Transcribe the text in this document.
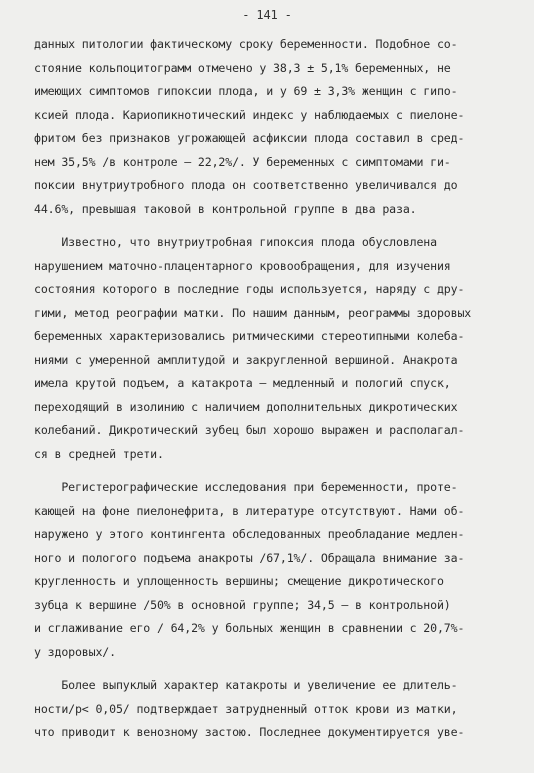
- 141 -
данных питологии фактическому сроку беременности. Подобное со-
стояние кольпоцитограмм отмечено у 38,3 ± 5,1% беременных, не
имеющих симптомов гипоксии плода, и у 69 ± 3,3% женщин с гипо-
ксией плода. Кариопикнотический индекс у наблюдаемых с пиелоне-
фритом без признаков угрожающей асфиксии плода составил в сред-
нем 35,5% /в контроле – 22,2%/. У беременных с симптомами ги-
поксии внутриутробного плода он соответственно увеличивался до
44.6%, превышая таковой в контрольной группе в два раза.
Известно, что внутриутробная гипоксия плода обусловлена
нарушением маточно-плацентарного кровообращения, для изучения
состояния которого в последние годы используется, наряду с дру-
гими, метод реографии матки. По нашим данным, реограммы здоровых
беременных характеризовались ритмическими стереотипными колеба-
ниями с умеренной амплитудой и закругленной вершиной. Анакрота
имела крутой подъем, а катакрота – медленный и пологий спуск,
переходящий в изолинию с наличием дополнительных дикротических
колебаний. Дикротический зубец был хорошо выражен и располагал-
ся в средней трети.
Регистерографические исследования при беременности, проте-
кающей на фоне пиелонефрита, в литературе отсутствуют. Нами об-
наружено у этого контингента обследованных преобладание медлен-
ного и пологого подъема анакроты /67,1%/. Обращала внимание за-
кругленность и уплощенность вершины; смещение дикротического
зубца к вершине /50% в основной группе; 34,5 – в контрольной)
и сглаживание его / 64,2% у больных женщин в сравнении с 20,7%-
у здоровых/.
Более выпуклый характер катакроты и увеличение ее длитель-
ности/р< 0,05/ подтверждает затрудненный отток крови из матки,
что приводит к венозному застою. Последнее документируется уве-
